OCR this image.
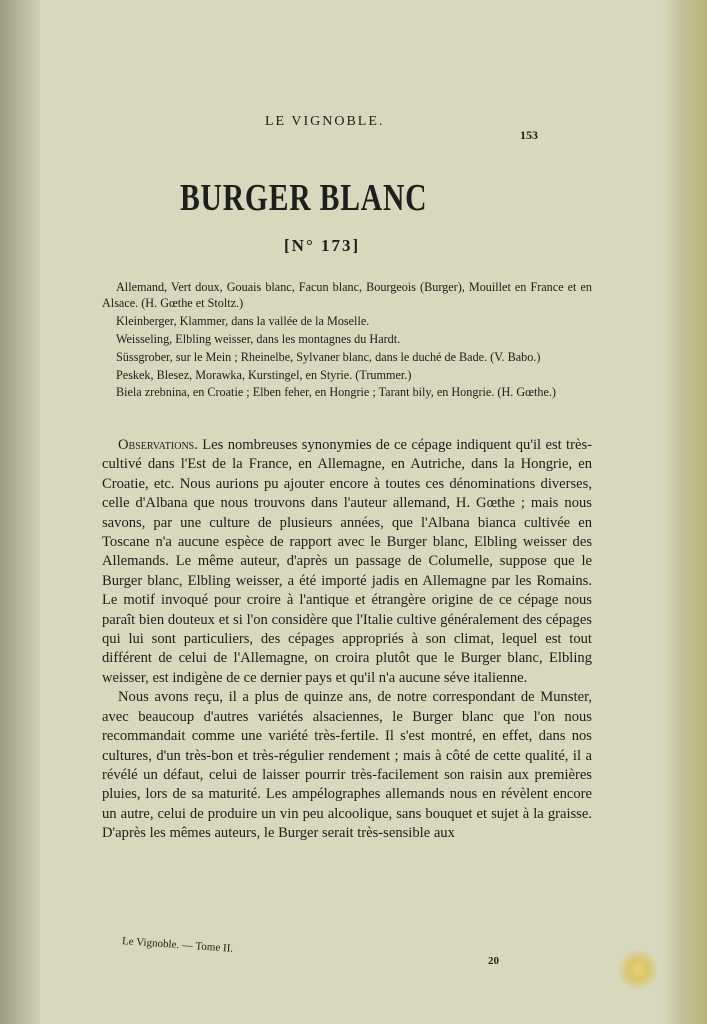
LE VIGNOBLE.
153
BURGER BLANC
[N° 173]

Allemand, Vert doux, Gouais blanc, Facun blanc, Bourgeois (Burger), Mouillet en France et en Alsace. (H. Gœthe et Stoltz.)

Kleinberger, Klammer, dans la vallée de la Moselle.

Weisseling, Elbling weisser, dans les montagnes du Hardt.

Süssgrober, sur le Mein ; Rheinelbe, Sylvaner blanc, dans le duché de Bade. (V. Babo.)

Peskek, Blesez, Morawka, Kurstingel, en Styrie. (Trummer.)

Biela zrebnina, en Croatie ; Elben feher, en Hongrie ; Tarant bily, en Hongrie. (H. Gœthe.)

Observations. Les nombreuses synonymies de ce cépage indiquent qu'il est très-cultivé dans l'Est de la France, en Allemagne, en Autriche, dans la Hongrie, en Croatie, etc. Nous aurions pu ajouter encore à toutes ces dénominations diverses, celle d'Albana que nous trouvons dans l'auteur allemand, H. Gœthe ; mais nous savons, par une culture de plusieurs années, que l'Albana bianca cultivée en Toscane n'a aucune espèce de rapport avec le Burger blanc, Elbling weisser des Allemands. Le même auteur, d'après un passage de Columelle, suppose que le Burger blanc, Elbling weisser, a été importé jadis en Allemagne par les Romains. Le motif invoqué pour croire à l'antique et étrangère origine de ce cépage nous paraît bien douteux et si l'on considère que l'Italie cultive généralement des cépages qui lui sont particuliers, des cépages appropriés à son climat, lequel est tout différent de celui de l'Allemagne, on croira plutôt que le Burger blanc, Elbling weisser, est indigène de ce dernier pays et qu'il n'a aucune séve italienne.

Nous avons reçu, il a plus de quinze ans, de notre correspondant de Munster, avec beaucoup d'autres variétés alsaciennes, le Burger blanc que l'on nous recommandait comme une variété très-fertile. Il s'est montré, en effet, dans nos cultures, d'un très-bon et très-régulier rendement ; mais à côté de cette qualité, il a révélé un défaut, celui de laisser pourrir très-facilement son raisin aux premières pluies, lors de sa maturité. Les ampélographes allemands nous en révèlent encore un autre, celui de produire un vin peu alcoolique, sans bouquet et sujet à la graisse. D'après les mêmes auteurs, le Burger serait très-sensible aux

Le Vignoble. — Tome II.
20
